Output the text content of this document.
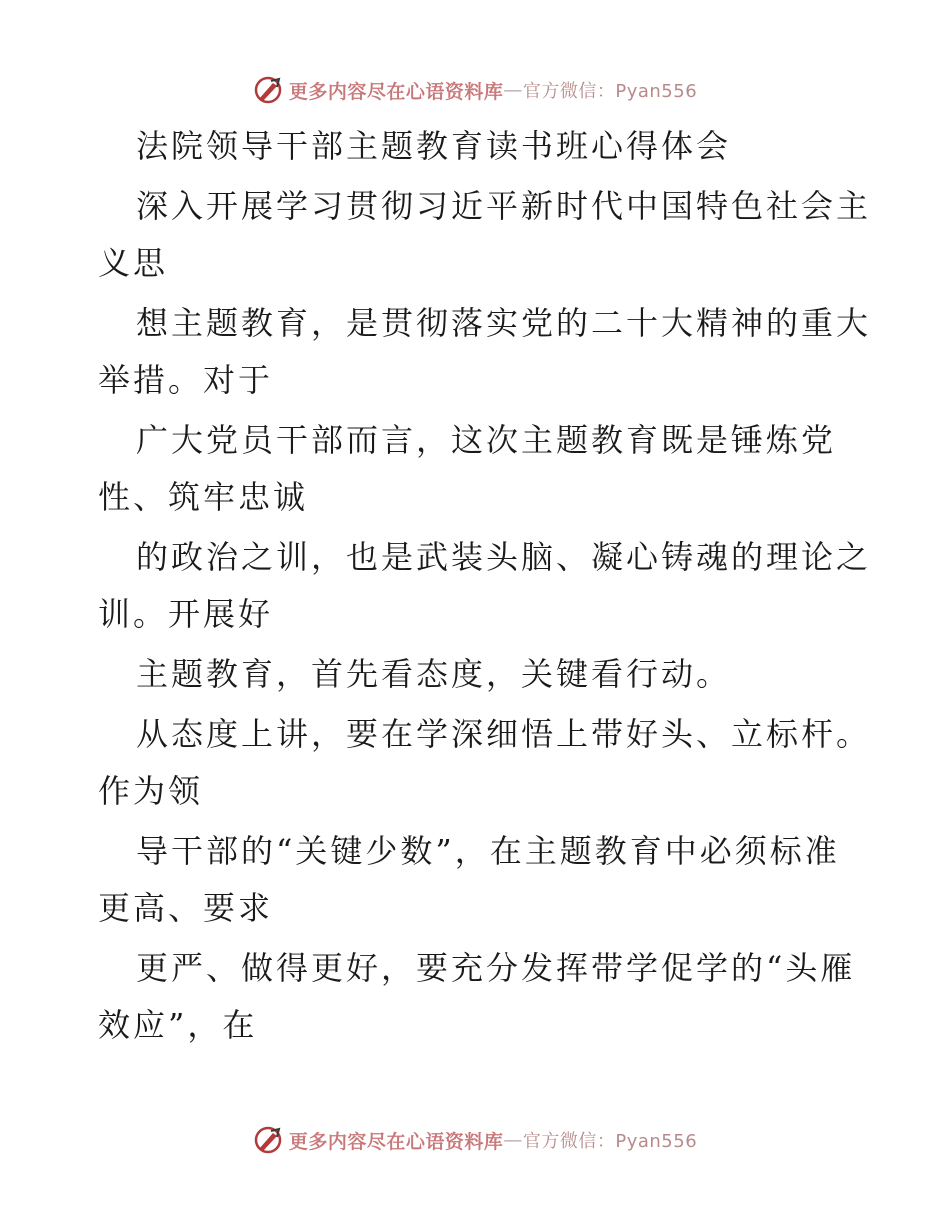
更多内容尽在心语资料库 — 官方微信：Pyan556
法院领导干部主题教育读书班心得体会
深入开展学习贯彻习近平新时代中国特色社会主
义思
想主题教育，是贯彻落实党的二十大精神的重大
举措。对于
广大党员干部而言，这次主题教育既是锤炼党
性、筑牢忠诚
的政治之训，也是武装头脑、凝心铸魂的理论之
训。开展好
主题教育，首先看态度，关键看行动。
从态度上讲，要在学深细悟上带好头、立标杆。
作为领
导干部的“关键少数”，在主题教育中必须标准
更高、要求
更严、做得更好，要充分发挥带学促学的“头雁
效应”，在
更多内容尽在心语资料库 — 官方微信：Pyan556
